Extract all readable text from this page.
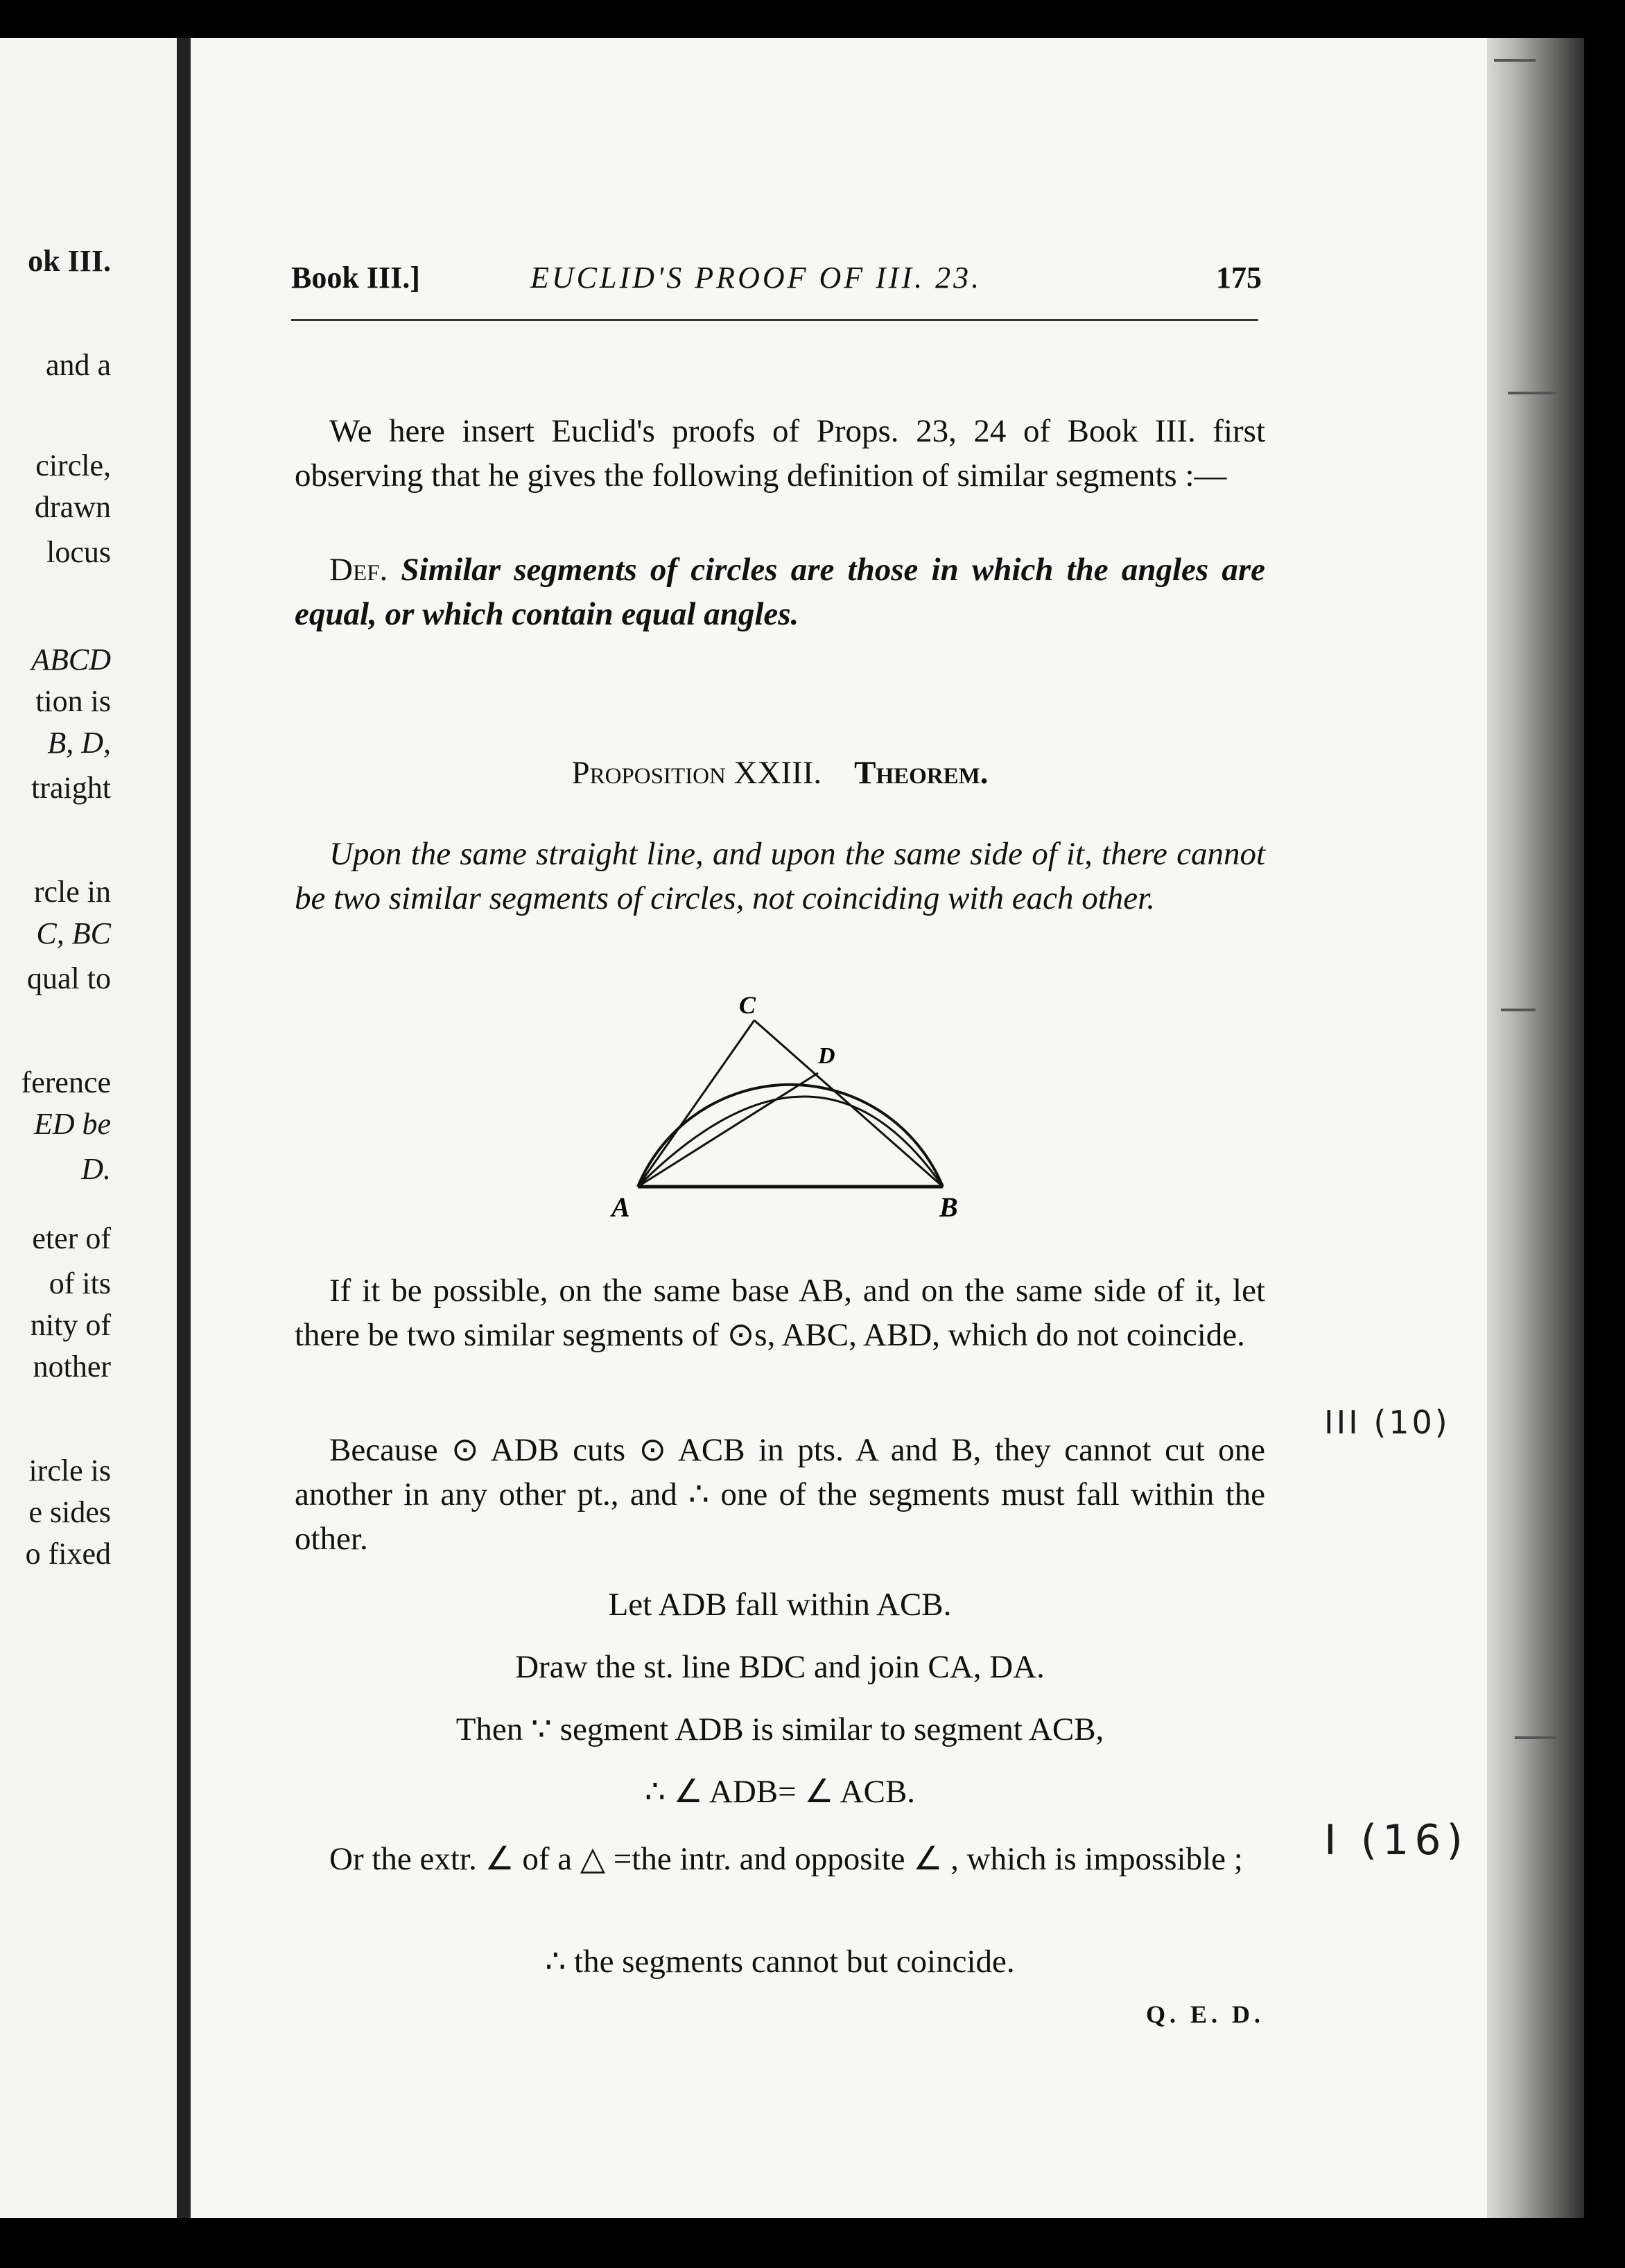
ok III.
and a
circle,
drawn
locus
ABCD
tion is
B, D,
traight
rcle in
C, BC
qual to
ference
ED be
D.
eter of
of its
nity of
nother
ircle is
e sides
o fixed
Book III.]	EUCLID'S PROOF OF III. 23.	175
We here insert Euclid's proofs of Props. 23, 24 of Book III. first observing that he gives the following definition of similar segments :—
Def. Similar segments of circles are those in which the angles are equal, or which contain equal angles.
Proposition XXIII. Theorem.
Upon the same straight line, and upon the same side of it, there cannot be two similar segments of circles, not coinciding with each other.
A	B
C
D
If it be possible, on the same base AB, and on the same side of it, let there be two similar segments of ⊙s, ABC, ABD, which do not coincide.
Because ⊙ ADB cuts ⊙ ACB in pts. A and B, they cannot cut one another in any other pt., and ∴ one of the segments must fall within the other.
Let ADB fall within ACB.
Draw the st. line BDC and join CA, DA.
Then ∵ segment ADB is similar to segment ACB,
∴ ∠ ADB= ∠ ACB.
Or the extr. ∠ of a △ =the intr. and opposite ∠ , which is impossible ;
∴ the segments cannot but coincide.
Q. E. D.
III (10)
I (16)
